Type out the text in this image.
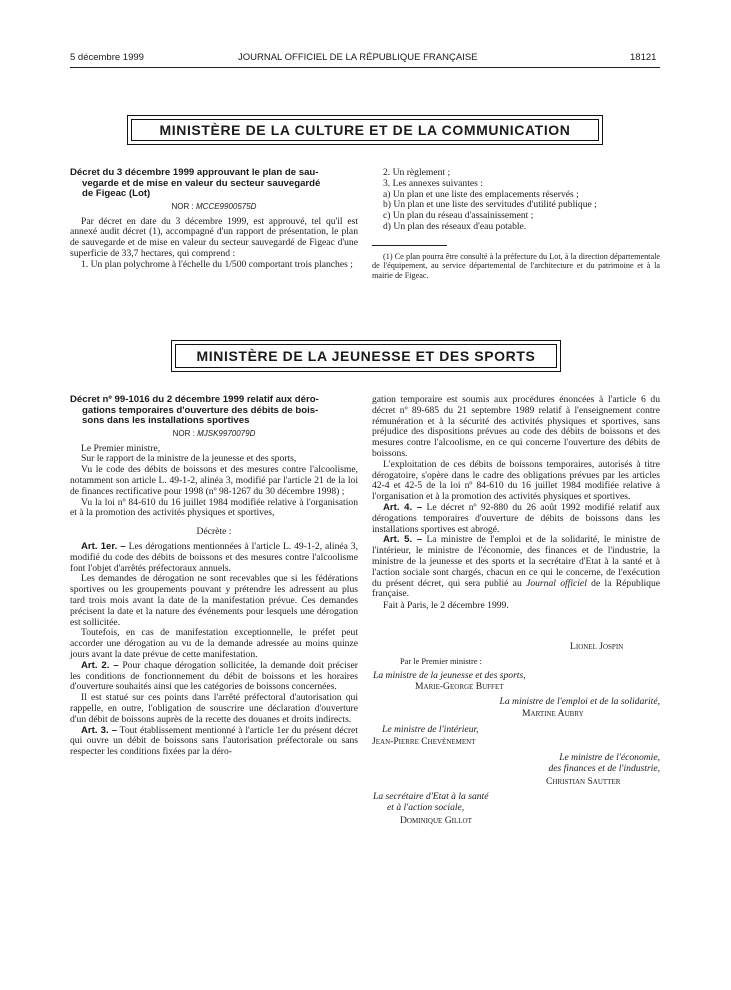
5 décembre 1999	JOURNAL OFFICIEL DE LA RÉPUBLIQUE FRANÇAISE	18121
MINISTÈRE DE LA CULTURE ET DE LA COMMUNICATION
Décret du 3 décembre 1999 approuvant le plan de sau-
vegarde et de mise en valeur du secteur sauvegardé
de Figeac (Lot)
NOR : MCCE9900575D

Par décret en date du 3 décembre 1999, est approuvé, tel qu'il est annexé audit décret (1), accompagné d'un rapport de présentation, le plan de sauvegarde et de mise en valeur du secteur sauvegardé de Figeac d'une superficie de 33,7 hectares, qui comprend :

1. Un plan polychrome à l'échelle du 1/500 comportant trois planches ;

2. Un règlement ;

3. Les annexes suivantes :

a) Un plan et une liste des emplacements réservés ;

b) Un plan et une liste des servitudes d'utilité publique ;

c) Un plan du réseau d'assainissement ;

d) Un plan des réseaux d'eau potable.

(1) Ce plan pourra être consulté à la préfecture du Lot, à la direction départementale de l'équipement, au service départemental de l'architecture et du patrimoine et à la mairie de Figeac.

MINISTÈRE DE LA JEUNESSE ET DES SPORTS
Décret nº 99-1016 du 2 décembre 1999 relatif aux déro-
gations temporaires d'ouverture des débits de bois-
sons dans les installations sportives
NOR : MJSK9970079D

Le Premier ministre,

Sur le rapport de la ministre de la jeunesse et des sports,

Vu le code des débits de boissons et des mesures contre l'alcoolisme, notamment son article L. 49-1-2, alinéa 3, modifié par l'article 21 de la loi de finances rectificative pour 1998 (nº 98-1267 du 30 décembre 1998) ;

Vu la loi nº 84-610 du 16 juillet 1984 modifiée relative à l'organisation et à la promotion des activités physiques et sportives,

Décrète :

Art. 1er. – Les dérogations mentionnées à l'article L. 49-1-2, alinéa 3, modifié du code des débits de boissons et des mesures contre l'alcoolisme font l'objet d'arrêtés préfectoraux annuels.

Les demandes de dérogation ne sont recevables que si les fédérations sportives ou les groupements pouvant y prétendre les adressent au plus tard trois mois avant la date de la manifestation prévue. Ces demandes précisent la date et la nature des événements pour lesquels une dérogation est sollicitée.

Toutefois, en cas de manifestation exceptionnelle, le préfet peut accorder une dérogation au vu de la demande adressée au moins quinze jours avant la date prévue de cette manifestation.

Art. 2. – Pour chaque dérogation sollicitée, la demande doit préciser les conditions de fonctionnement du débit de boissons et les horaires d'ouverture souhaités ainsi que les catégories de boissons concernées.

Il est statué sur ces points dans l'arrêté préfectoral d'autorisation qui rappelle, en outre, l'obligation de souscrire une déclaration d'ouverture d'un débit de boissons auprès de la recette des douanes et droits indirects.

Art. 3. – Tout établissement mentionné à l'article 1er du présent décret qui ouvre un débit de boissons sans l'autorisation préfectorale ou sans respecter les conditions fixées par la déro-

gation temporaire est soumis aux procédures énoncées à l'article 6 du décret nº 89-685 du 21 septembre 1989 relatif à l'enseignement contre rémunération et à la sécurité des activités physiques et sportives, sans préjudice des dispositions prévues au code des débits de boissons et des mesures contre l'alcoolisme, en ce qui concerne l'ouverture des débits de boissons.

L'exploitation de ces débits de boissons temporaires, autorisés à titre dérogatoire, s'opère dans le cadre des obligations prévues par les articles 42-4 et 42-5 de la loi nº 84-610 du 16 juillet 1984 modifiée relative à l'organisation et à la promotion des activités physiques et sportives.

Art. 4. – Le décret nº 92-880 du 26 août 1992 modifié relatif aux dérogations temporaires d'ouverture de débits de boissons dans les installations sportives est abrogé.

Art. 5. – La ministre de l'emploi et de la solidarité, le ministre de l'intérieur, le ministre de l'économie, des finances et de l'industrie, la ministre de la jeunesse et des sports et la secrétaire d'Etat à la santé et à l'action sociale sont chargés, chacun en ce qui le concerne, de l'exécution du présent décret, qui sera publié au Journal officiel de la République française.

Fait à Paris, le 2 décembre 1999.

Lionel Jospin
Par le Premier ministre :
La ministre de la jeunesse et des sports,
Marie-George Buffet
La ministre de l'emploi et de la solidarité,
Martine Aubry
Le ministre de l'intérieur,
Jean-Pierre Chevènement
Le ministre de l'économie,
des finances et de l'industrie,
Christian Sautter
La secrétaire d'Etat à la santé
et à l'action sociale,
Dominique Gillot
